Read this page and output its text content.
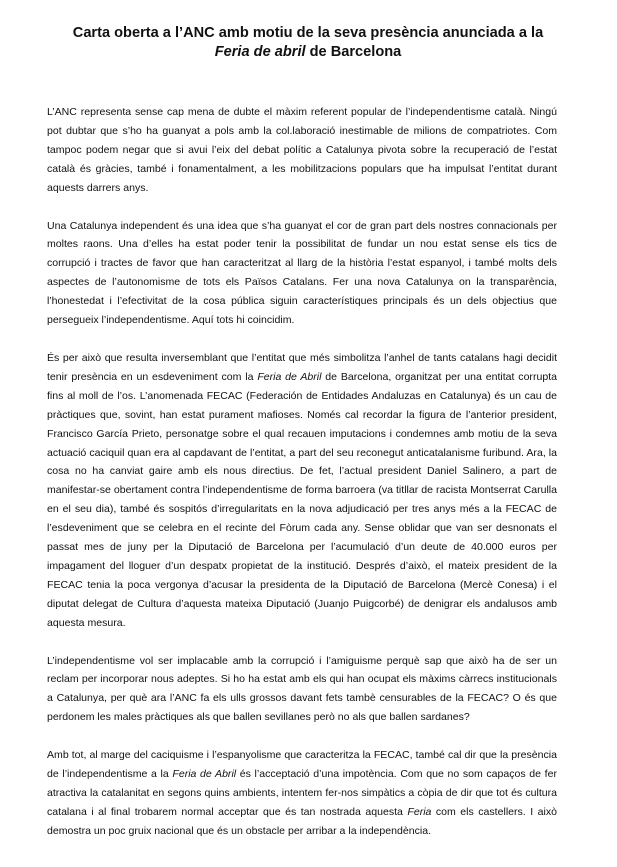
Carta oberta a l’ANC amb motiu de la seva presència anunciada a la Feria de abril de Barcelona

L’ANC representa sense cap mena de dubte el màxim referent popular de l’independentisme català. Ningú pot dubtar que s’ho ha guanyat a pols amb la col.laboració inestimable de milions de compatriotes. Com tampoc podem negar que si avui l’eix del debat polític a Catalunya pivota sobre la recuperació de l’estat català és gràcies, també i fonamentalment, a les mobilitzacions populars que ha impulsat l’entitat durant aquests darrers anys.

Una Catalunya independent és una idea que s’ha guanyat el cor de gran part dels nostres connacionals per moltes raons. Una d’elles ha estat poder tenir la possibilitat de fundar un nou estat sense els tics de corrupció i tractes de favor que han caracteritzat al llarg de la història l’estat espanyol, i també molts dels aspectes de l’autonomisme de tots els Països Catalans. Fer una nova Catalunya on la transparència, l’honestedat i l’efectivitat de la cosa pública siguin característiques principals és un dels objectius que persegueix l’independentisme. Aquí tots hi coincidim.

És per això que resulta inversemblant que l’entitat que més simbolitza l’anhel de tants catalans hagi decidit tenir presència en un esdeveniment com la Feria de Abril de Barcelona, organitzat per una entitat corrupta fins al moll de l’os. L’anomenada FECAC (Federación de Entidades Andaluzas en Catalunya) és un cau de pràctiques que, sovint, han estat purament mafioses. Només cal recordar la figura de l’anterior president, Francisco García Prieto, personatge sobre el qual recauen imputacions i condemnes amb motiu de la seva actuació caciquil quan era al capdavant de l’entitat, a part del seu reconegut anticatalanisme furibund. Ara, la cosa no ha canviat gaire amb els nous directius. De fet, l’actual president Daniel Salinero, a part de manifestar-se obertament contra l’independentisme de forma barroera (va titllar de racista Montserrat Carulla en el seu dia), també és sospitós d’irregularitats en la nova adjudicació per tres anys més a la FECAC de l’esdeveniment que se celebra en el recinte del Fòrum cada any. Sense oblidar que van ser desnonats el passat mes de juny per la Diputació de Barcelona per l’acumulació d’un deute de 40.000 euros per impagament del lloguer d’un despatx propietat de la institució. Després d’això, el mateix president de la FECAC tenia la poca vergonya d’acusar la presidenta de la Diputació de Barcelona (Mercè Conesa) i el diputat delegat de Cultura d’aquesta mateixa Diputació (Juanjo Puigcorbé) de denigrar els andalusos amb aquesta mesura.

L’independentisme vol ser implacable amb la corrupció i l’amiguisme perquè sap que això ha de ser un reclam per incorporar nous adeptes. Si ho ha estat amb els qui han ocupat els màxims càrrecs institucionals a Catalunya, per què ara l’ANC fa els ulls grossos davant fets tambè censurables de la FECAC? O és que perdonem les males pràctiques als que ballen sevillanes però no als que ballen sardanes?

Amb tot, al marge del caciquisme i l’espanyolisme que caracteritza la FECAC, també cal dir que la presència de l’independentisme a la Feria de Abril és l’acceptació d’una impotència. Com que no som capaços de fer atractiva la catalanitat en segons quins ambients, intentem fer-nos simpàtics a còpia de dir que tot és cultura catalana i al final trobarem normal acceptar que és tan nostrada aquesta Feria com els castellers. I això demostra un poc gruix nacional que és un obstacle per arribar a la independència.
